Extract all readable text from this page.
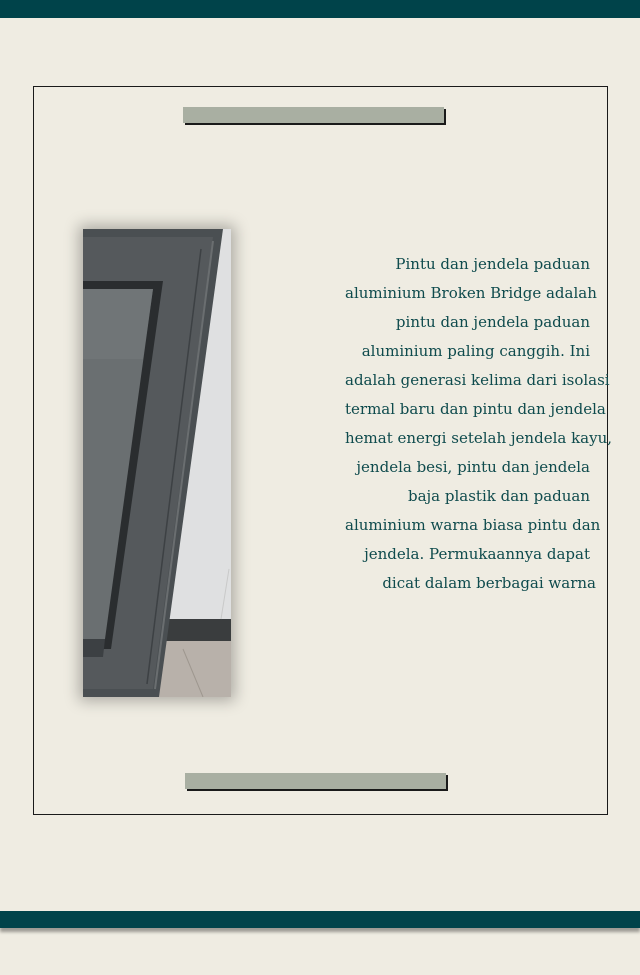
Pintu dan jendela paduan
aluminium Broken Bridge adalah
pintu dan jendela paduan
aluminium paling canggih. Ini
adalah generasi kelima dari isolasi
termal baru dan pintu dan jendela
hemat energi setelah jendela kayu,
jendela besi, pintu dan jendela
baja plastik dan paduan
aluminium warna biasa pintu dan
jendela. Permukaannya dapat
dicat dalam berbagai warna
